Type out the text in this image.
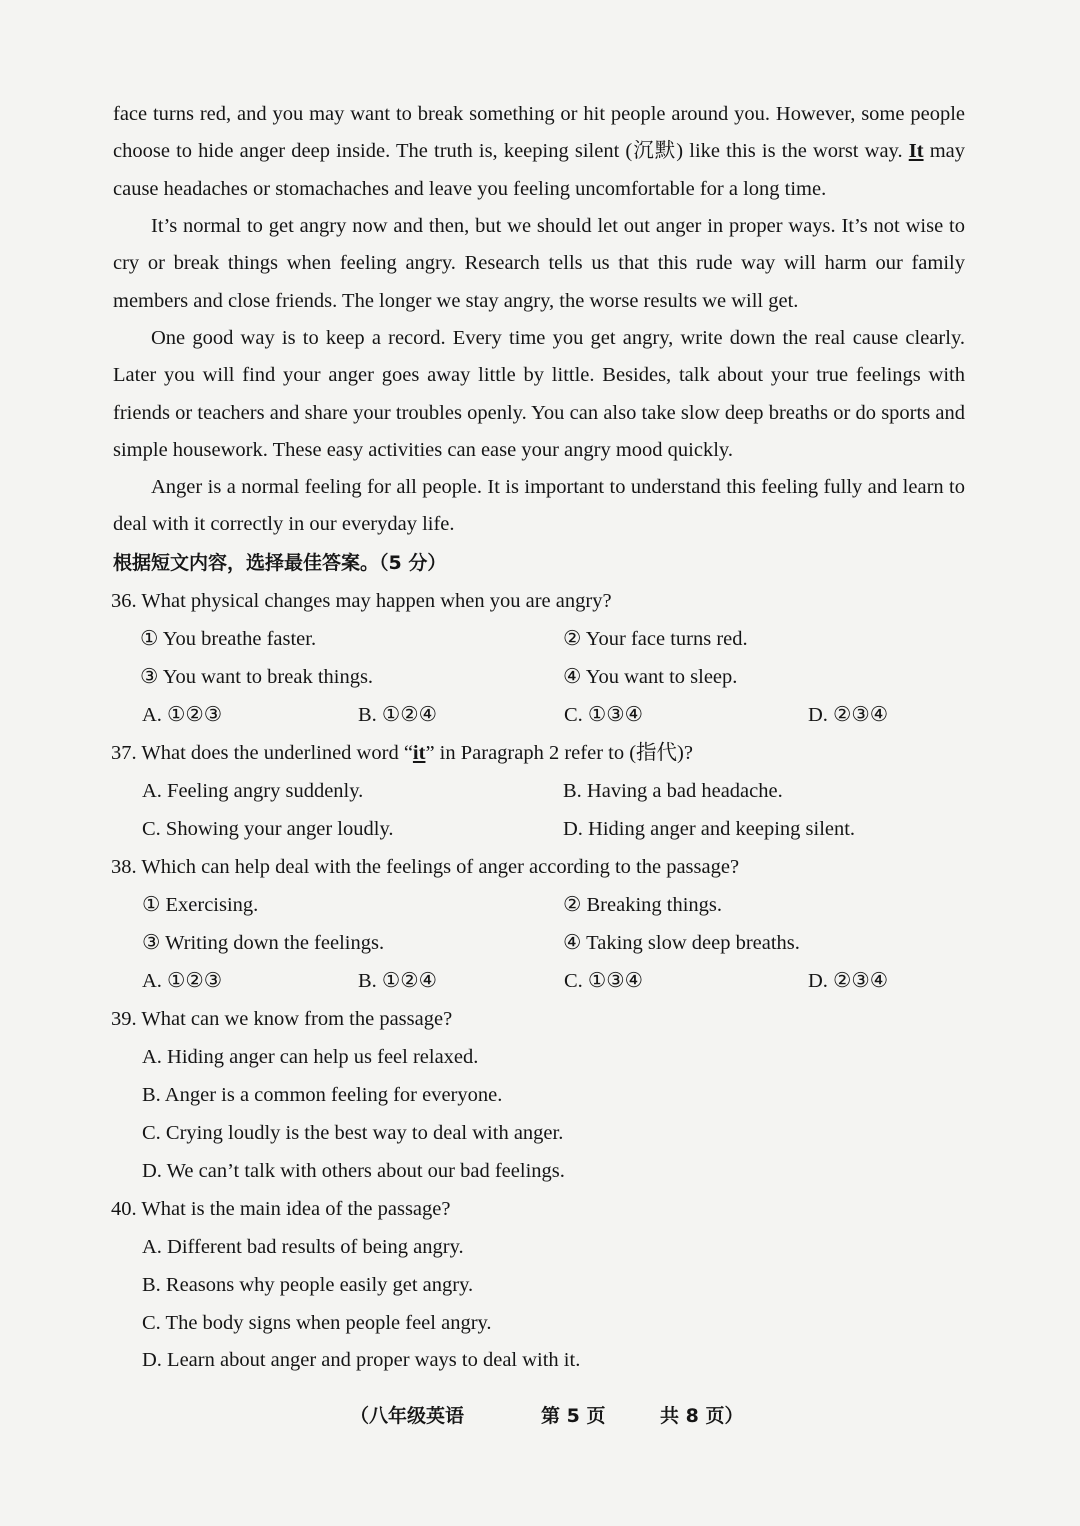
face turns red, and you may want to break something or hit people around you. However, some people choose to hide anger deep inside. The truth is, keeping silent (沉默) like this is the worst way. It may cause headaches or stomachaches and leave you feeling uncomfortable for a long time.

It’s normal to get angry now and then, but we should let out anger in proper ways. It’s not wise to cry or break things when feeling angry. Research tells us that this rude way will harm our family members and close friends. The longer we stay angry, the worse results we will get.

One good way is to keep a record. Every time you get angry, write down the real cause clearly. Later you will find your anger goes away little by little. Besides, talk about your true feelings with friends or teachers and share your troubles openly. You can also take slow deep breaths or do sports and simple housework. These easy activities can ease your angry mood quickly.

Anger is a normal feeling for all people. It is important to understand this feeling fully and learn to deal with it correctly in our everyday life.

根据短文内容，选择最佳答案。（5 分）
36. What physical changes may happen when you are angry?
① You breathe faster.	② Your face turns red.
③ You want to break things.	④ You want to sleep.
A. ①②③	B. ①②④	C. ①③④	D. ②③④
37. What does the underlined word “it” in Paragraph 2 refer to (指代)?
A. Feeling angry suddenly.	B. Having a bad headache.
C. Showing your anger loudly.	D. Hiding anger and keeping silent.
38. Which can help deal with the feelings of anger according to the passage?
① Exercising.	② Breaking things.
③ Writing down the feelings.	④ Taking slow deep breaths.
A. ①②③	B. ①②④	C. ①③④	D. ②③④
39. What can we know from the passage?
A. Hiding anger can help us feel relaxed.
B. Anger is a common feeling for everyone.
C. Crying loudly is the best way to deal with anger.
D. We can’t talk with others about our bad feelings.
40. What is the main idea of the passage?
A. Different bad results of being angry.
B. Reasons why people easily get angry.
C. The body signs when people feel angry.
D. Learn about anger and proper ways to deal with it.
（八年级英语	第 5 页	共 8 页）
